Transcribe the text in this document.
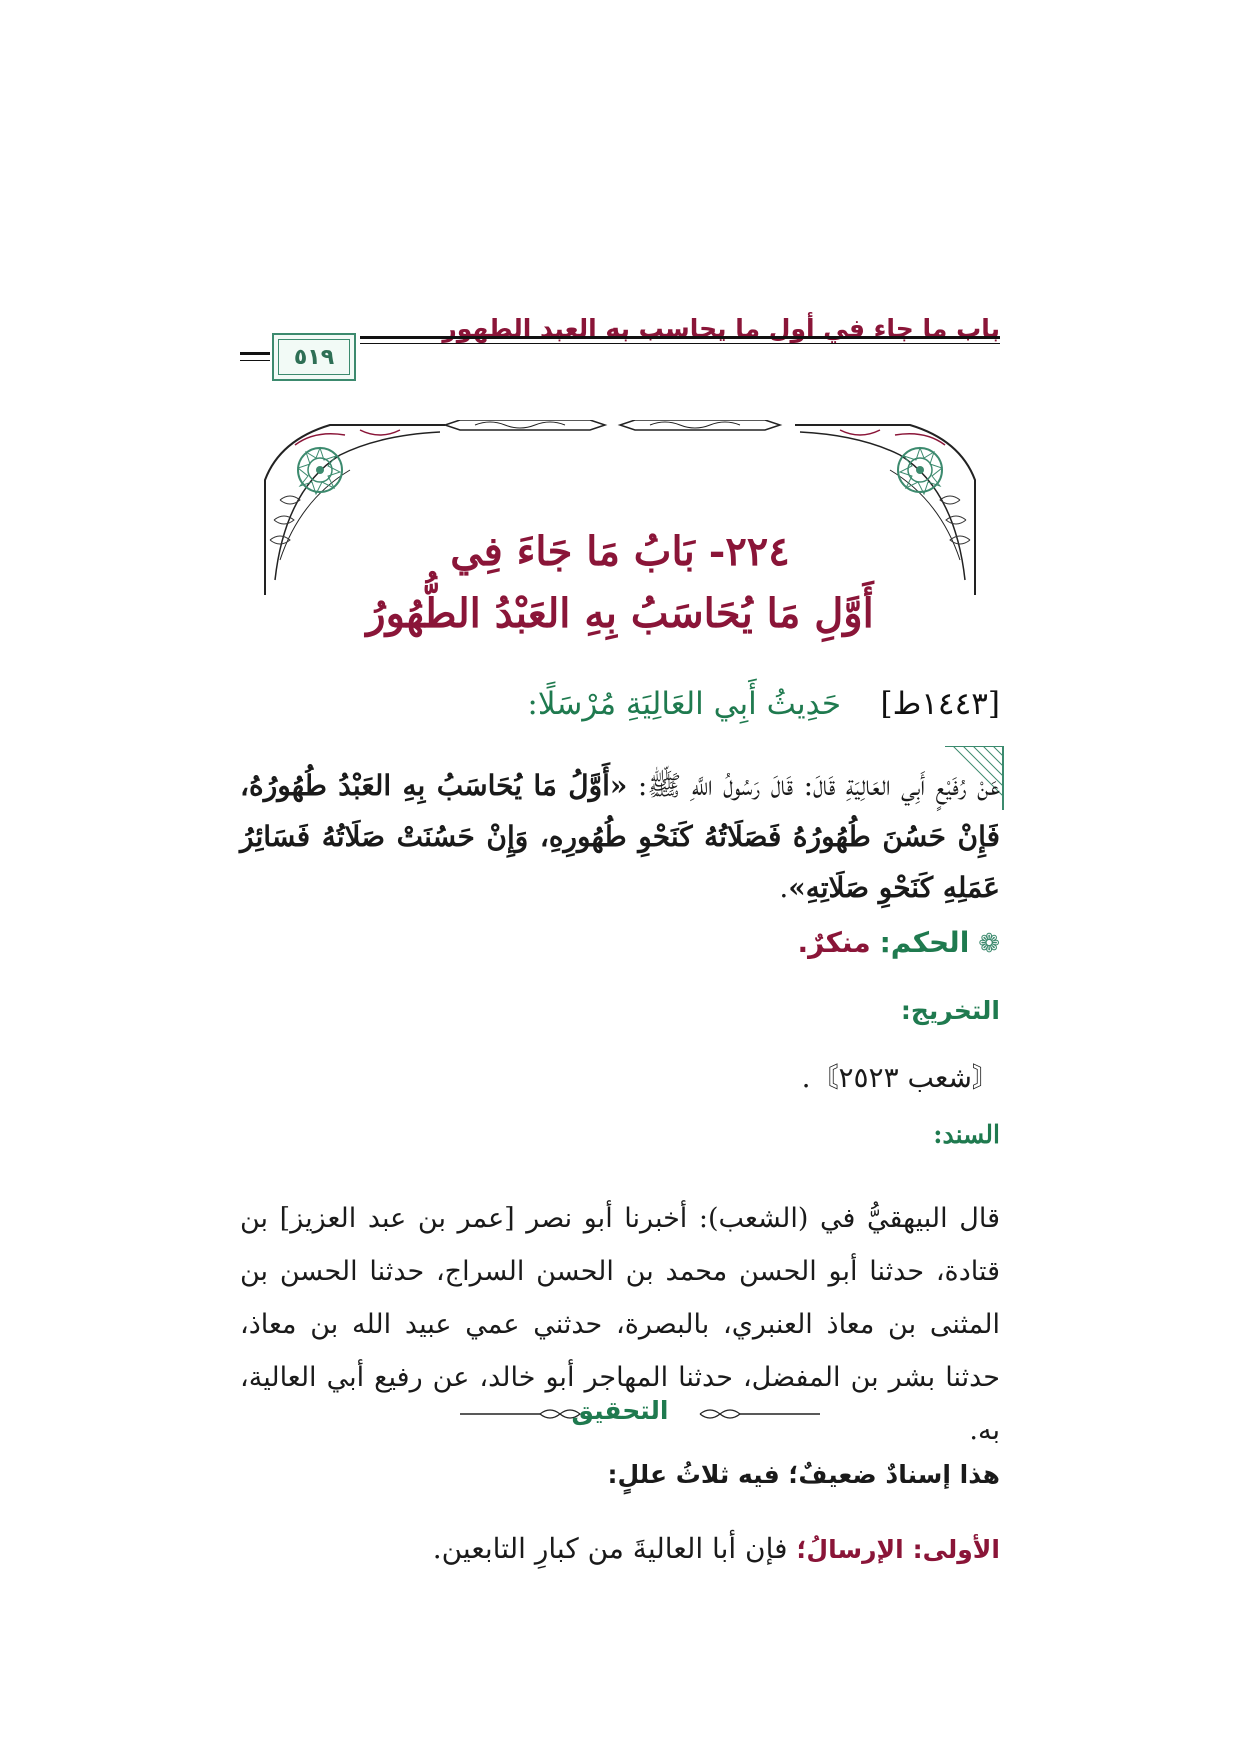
باب ما جاء في أول ما يحاسب به العبد الطهور
٥١٩
٢٢٤- بَابُ مَا جَاءَ فِي
أَوَّلِ مَا يُحَاسَبُ بِهِ العَبْدُ الطُّهُورُ
[١٤٤٣ط]    حَدِيثُ أَبِي العَالِيَةِ مُرْسَلًا:
عَنْ رُفَيْعٍ أَبِي العَالِيَةِ قَالَ: قَالَ رَسُولُ اللَّهِ ﷺ: «أَوَّلُ مَا يُحَاسَبُ بِهِ العَبْدُ طُهُورُهُ، فَإِنْ حَسُنَ طُهُورُهُ فَصَلَاتُهُ كَنَحْوِ طُهُورِهِ، وَإِنْ حَسُنَتْ صَلَاتُهُ فَسَائِرُ عَمَلِهِ كَنَحْوِ صَلَاتِهِ».
❁ الحكم: منكرٌ.
التخريج:
〘شعب ٢٥٢٣〙.
السند:
قال البيهقيُّ في (الشعب): أخبرنا أبو نصر [عمر بن عبد العزيز] بن قتادة، حدثنا أبو الحسن محمد بن الحسن السراج، حدثنا الحسن بن المثنى بن معاذ العنبري، بالبصرة، حدثني عمي عبيد الله بن معاذ، حدثنا بشر بن المفضل، حدثنا المهاجر أبو خالد، عن رفيع أبي العالية، به.
التحقيق
هذا إسنادٌ ضعيفٌ؛ فيه ثلاثُ عللٍ:
الأولى: الإرسالُ؛ فإن أبا العاليةَ من كبارِ التابعين.
